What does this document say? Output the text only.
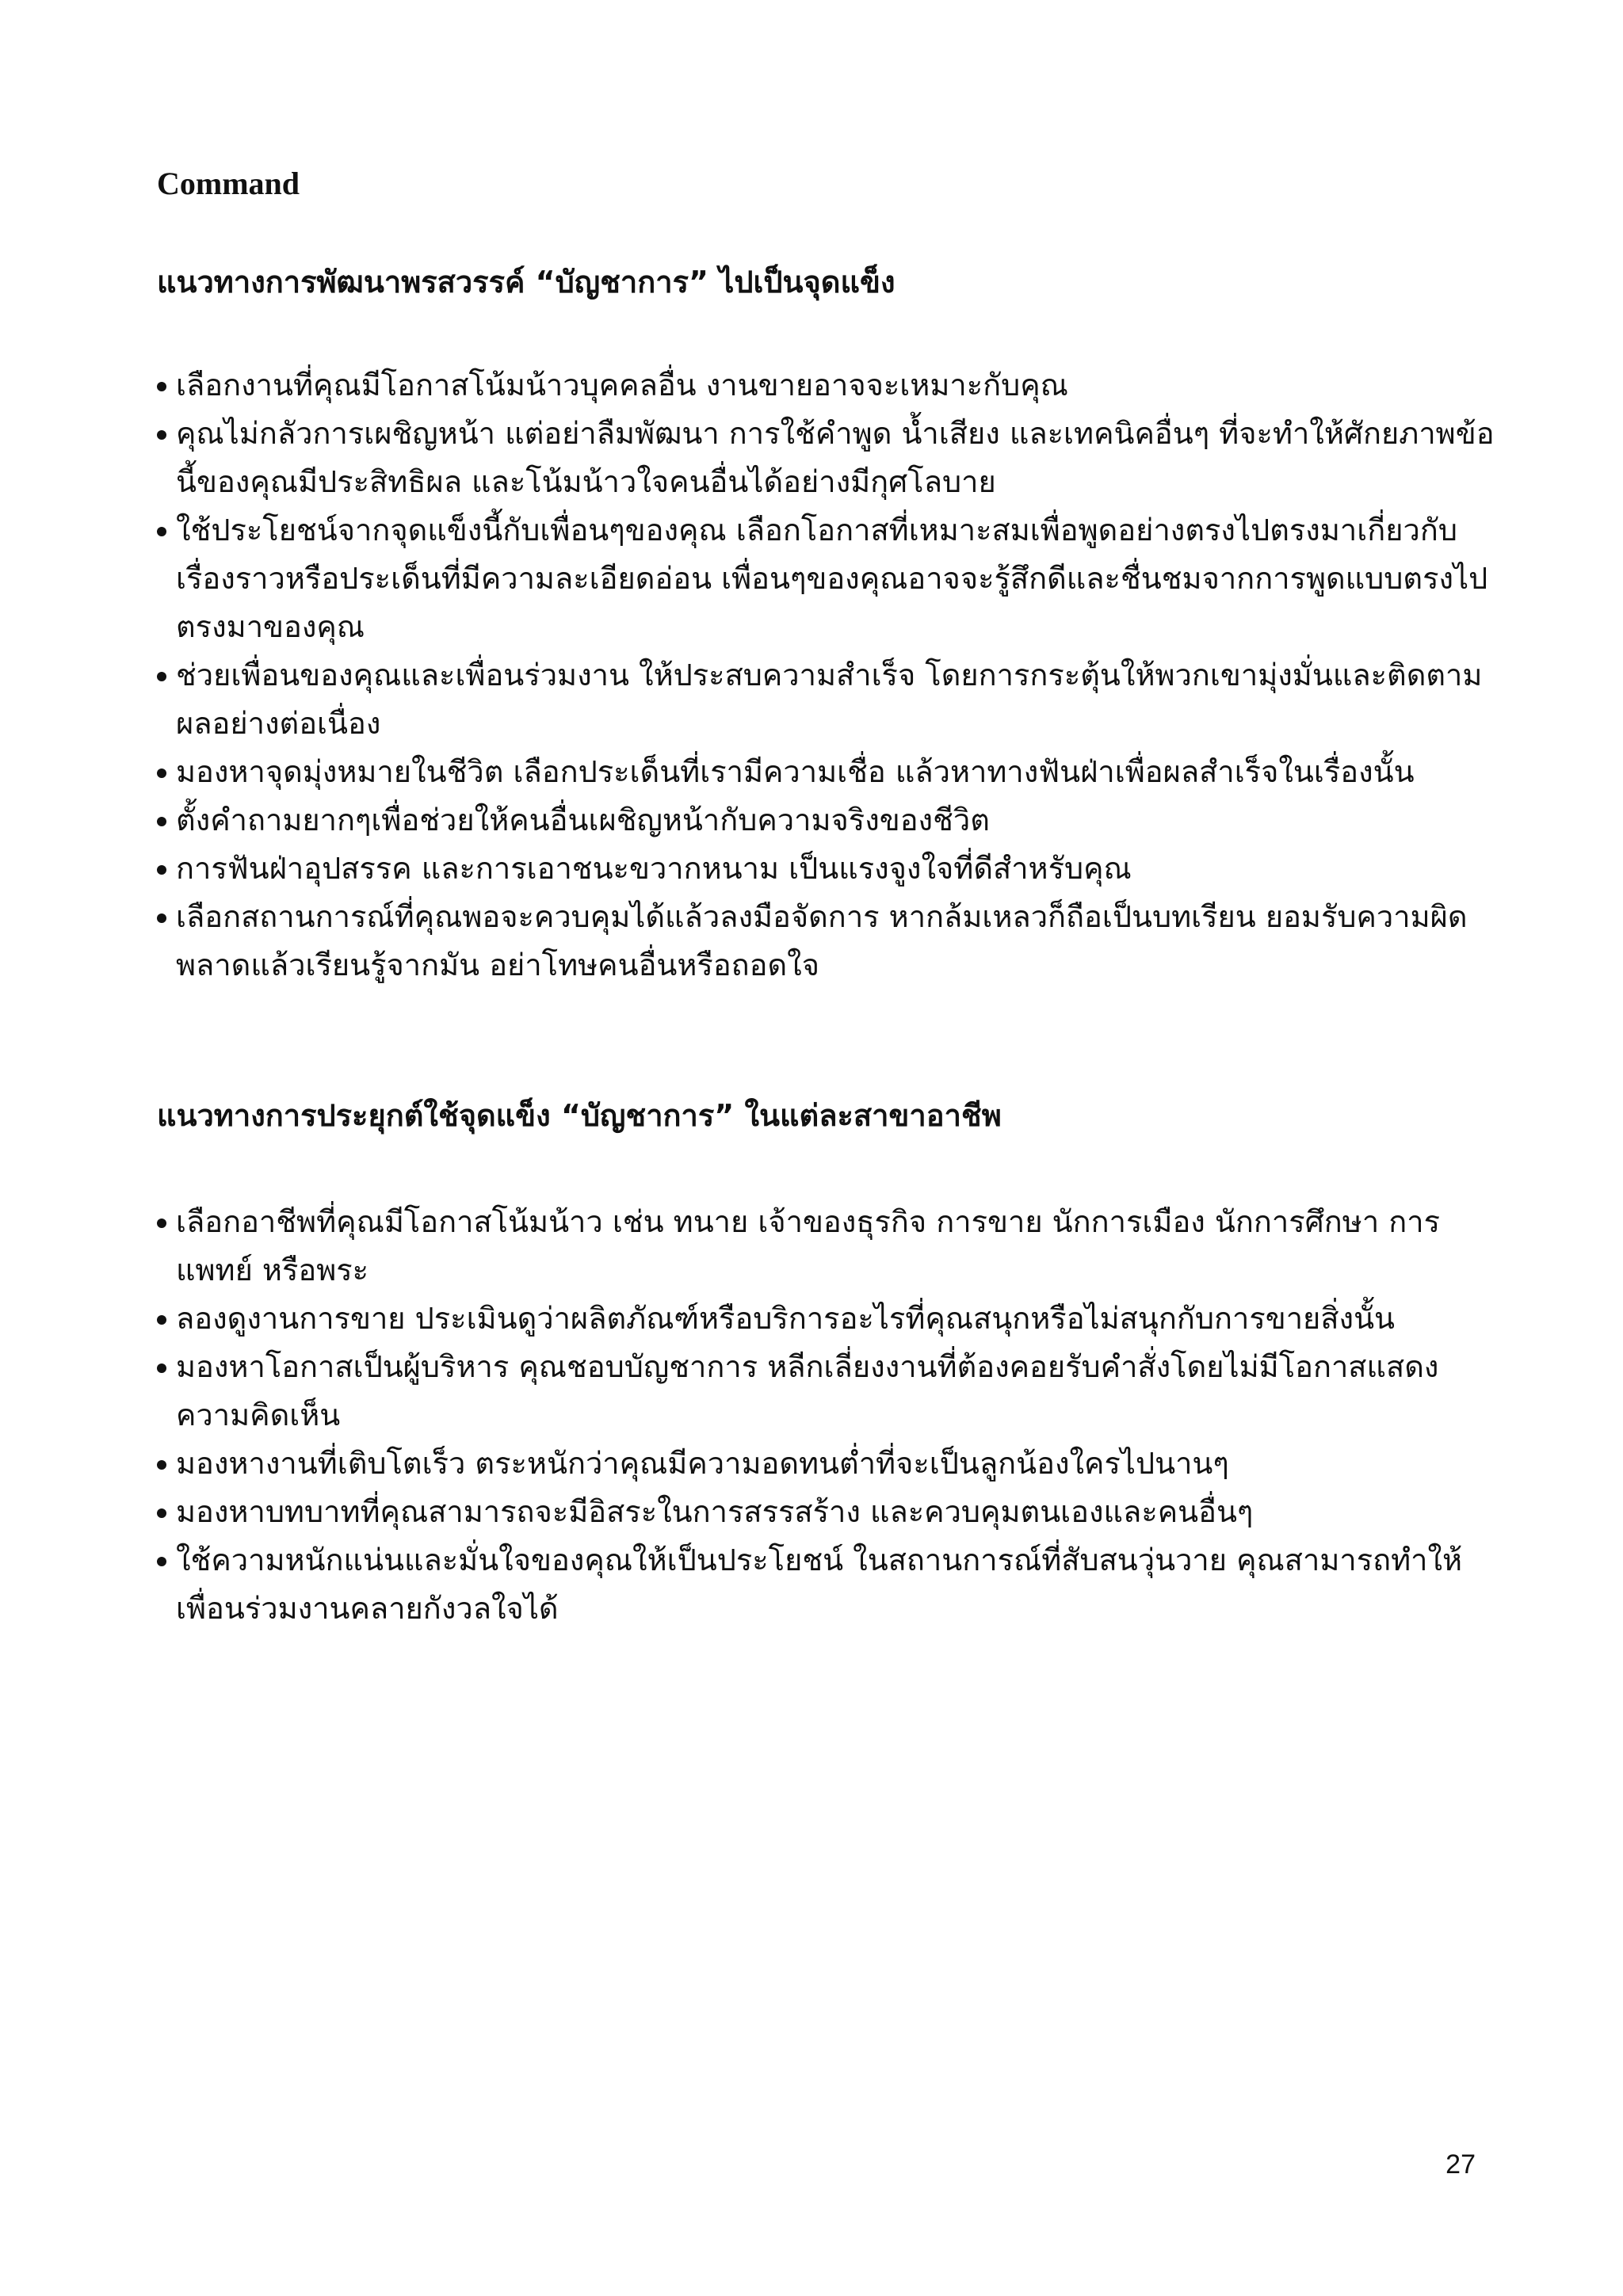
Command
แนวทางการพัฒนาพรสวรรค์ “บัญชาการ” ไปเป็นจุดแข็ง
เลือกงานที่คุณมีโอกาสโน้มน้าวบุคคลอื่น งานขายอาจจะเหมาะกับคุณ
คุณไม่กลัวการเผชิญหน้า แต่อย่าลืมพัฒนา การใช้คำพูด น้ำเสียง และเทคนิคอื่นๆ ที่จะทำให้ศักยภาพข้อนี้ของคุณมีประสิทธิผล และโน้มน้าวใจคนอื่นได้อย่างมีกุศโลบาย
ใช้ประโยชน์จากจุดแข็งนี้กับเพื่อนๆของคุณ เลือกโอกาสที่เหมาะสมเพื่อพูดอย่างตรงไปตรงมาเกี่ยวกับเรื่องราวหรือประเด็นที่มีความละเอียดอ่อน เพื่อนๆของคุณอาจจะรู้สึกดีและชื่นชมจากการพูดแบบตรงไปตรงมาของคุณ
ช่วยเพื่อนของคุณและเพื่อนร่วมงาน ให้ประสบความสำเร็จ โดยการกระตุ้นให้พวกเขามุ่งมั่นและติดตามผลอย่างต่อเนื่อง
มองหาจุดมุ่งหมายในชีวิต เลือกประเด็นที่เรามีความเชื่อ แล้วหาทางฟันฝ่าเพื่อผลสำเร็จในเรื่องนั้น
ตั้งคำถามยากๆเพื่อช่วยให้คนอื่นเผชิญหน้ากับความจริงของชีวิต
การฟันฝ่าอุปสรรค และการเอาชนะขวากหนาม เป็นแรงจูงใจที่ดีสำหรับคุณ
เลือกสถานการณ์ที่คุณพอจะควบคุมได้แล้วลงมือจัดการ หากล้มเหลวก็ถือเป็นบทเรียน ยอมรับความผิดพลาดแล้วเรียนรู้จากมัน อย่าโทษคนอื่นหรือถอดใจ
แนวทางการประยุกต์ใช้จุดแข็ง “บัญชาการ” ในแต่ละสาขาอาชีพ
เลือกอาชีพที่คุณมีโอกาสโน้มน้าว เช่น ทนาย เจ้าของธุรกิจ การขาย นักการเมือง นักการศึกษา การแพทย์ หรือพระ
ลองดูงานการขาย ประเมินดูว่าผลิตภัณฑ์หรือบริการอะไรที่คุณสนุกหรือไม่สนุกกับการขายสิ่งนั้น
มองหาโอกาสเป็นผู้บริหาร คุณชอบบัญชาการ หลีกเลี่ยงงานที่ต้องคอยรับคำสั่งโดยไม่มีโอกาสแสดงความคิดเห็น
มองหางานที่เติบโตเร็ว ตระหนักว่าคุณมีความอดทนต่ำที่จะเป็นลูกน้องใครไปนานๆ
มองหาบทบาทที่คุณสามารถจะมีอิสระในการสรรสร้าง และควบคุมตนเองและคนอื่นๆ
ใช้ความหนักแน่นและมั่นใจของคุณให้เป็นประโยชน์ ในสถานการณ์ที่สับสนวุ่นวาย คุณสามารถทำให้เพื่อนร่วมงานคลายกังวลใจได้
27
